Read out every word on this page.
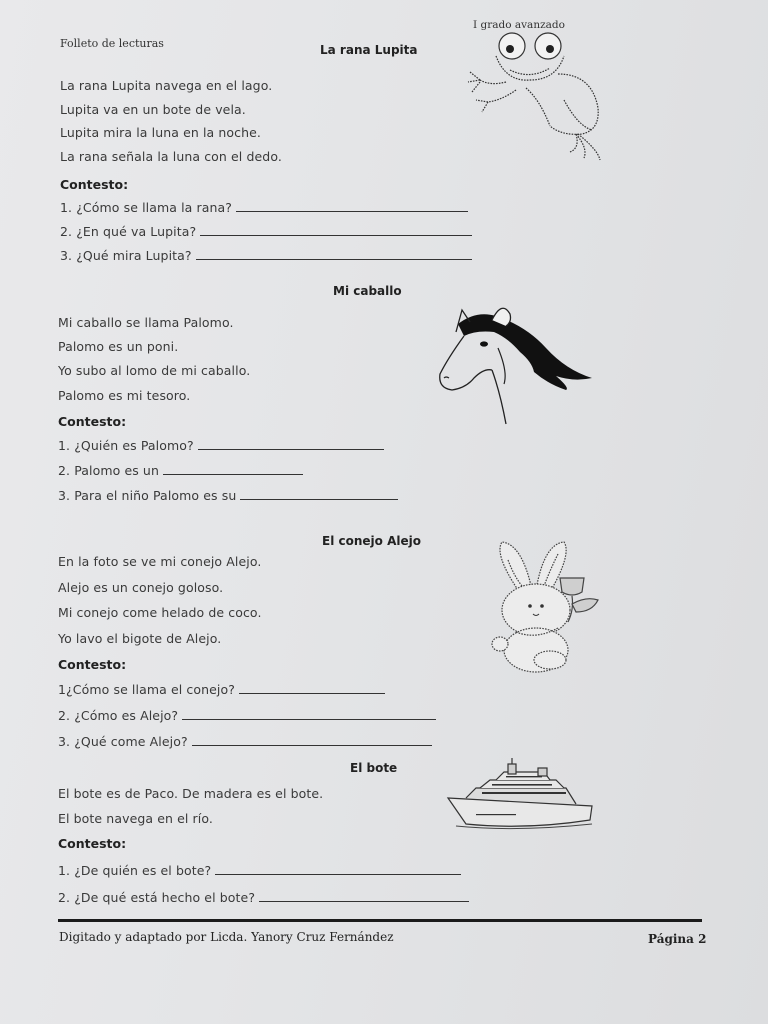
Folleto de lecturas
I grado avanzado
La rana Lupita
La rana Lupita navega en el lago.
Lupita va en un bote de vela.
Lupita mira la luna en la noche.
La rana señala la luna con el dedo.
Contesto:
1. ¿Cómo se llama la rana?
2. ¿En qué va Lupita?
3. ¿Qué mira Lupita?
Mi caballo
Mi caballo se llama Palomo.
Palomo es un poni.
Yo subo al lomo de mi caballo.
Palomo es mi tesoro.
Contesto:
1. ¿Quién es Palomo?
2. Palomo es un
3. Para el niño Palomo es su
El conejo Alejo
En la foto se ve mi conejo Alejo.
Alejo es un conejo goloso.
Mi conejo come helado de coco.
Yo lavo el bigote de Alejo.
Contesto:
1¿Cómo se llama el conejo?
2. ¿Cómo es Alejo?
3. ¿Qué come Alejo?
El bote
El bote es de Paco. De madera es el bote.
El bote navega en el río.
Contesto:
1. ¿De quién es el bote?
2. ¿De qué está hecho el bote?
Digitado y adaptado por Licda. Yanory Cruz Fernández	Página 2
